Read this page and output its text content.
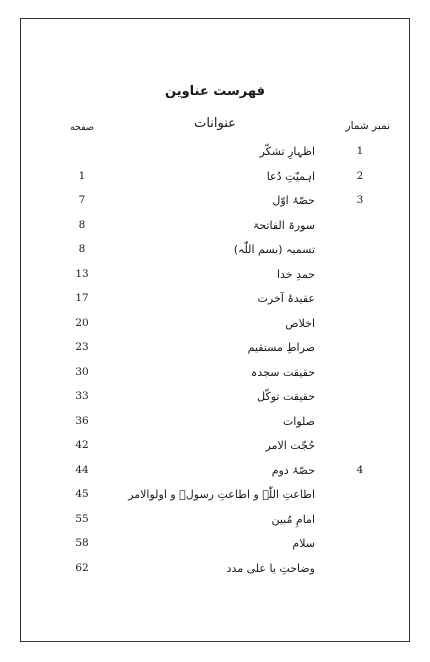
فهرست عناوین
نمبر شمار
عنوانات
صفحه
1
اظہارِ تشکّر
2
اہمیّتِ دُعا
1
3
حصّۂ اوّل
7
سورۃ الفاتحۃ
8
تسمیہ (بسم اللّٰہ)
8
حمدِ خدا
13
عقیدۂ آخرت
17
اخلاص
20
صراطِ مستقیم
23
حقیقت سجدہ
30
حقیقت توکّل
33
صلوات
36
حُجّت الامر
42
4
حصّۂ دوم
44
اطاعتِ اللّٰہ و اطاعتِ رسولؐ و اولوالامر
45
امامِ مُبین
55
سلام
58
وضاحتِ یا علی مدد
62
